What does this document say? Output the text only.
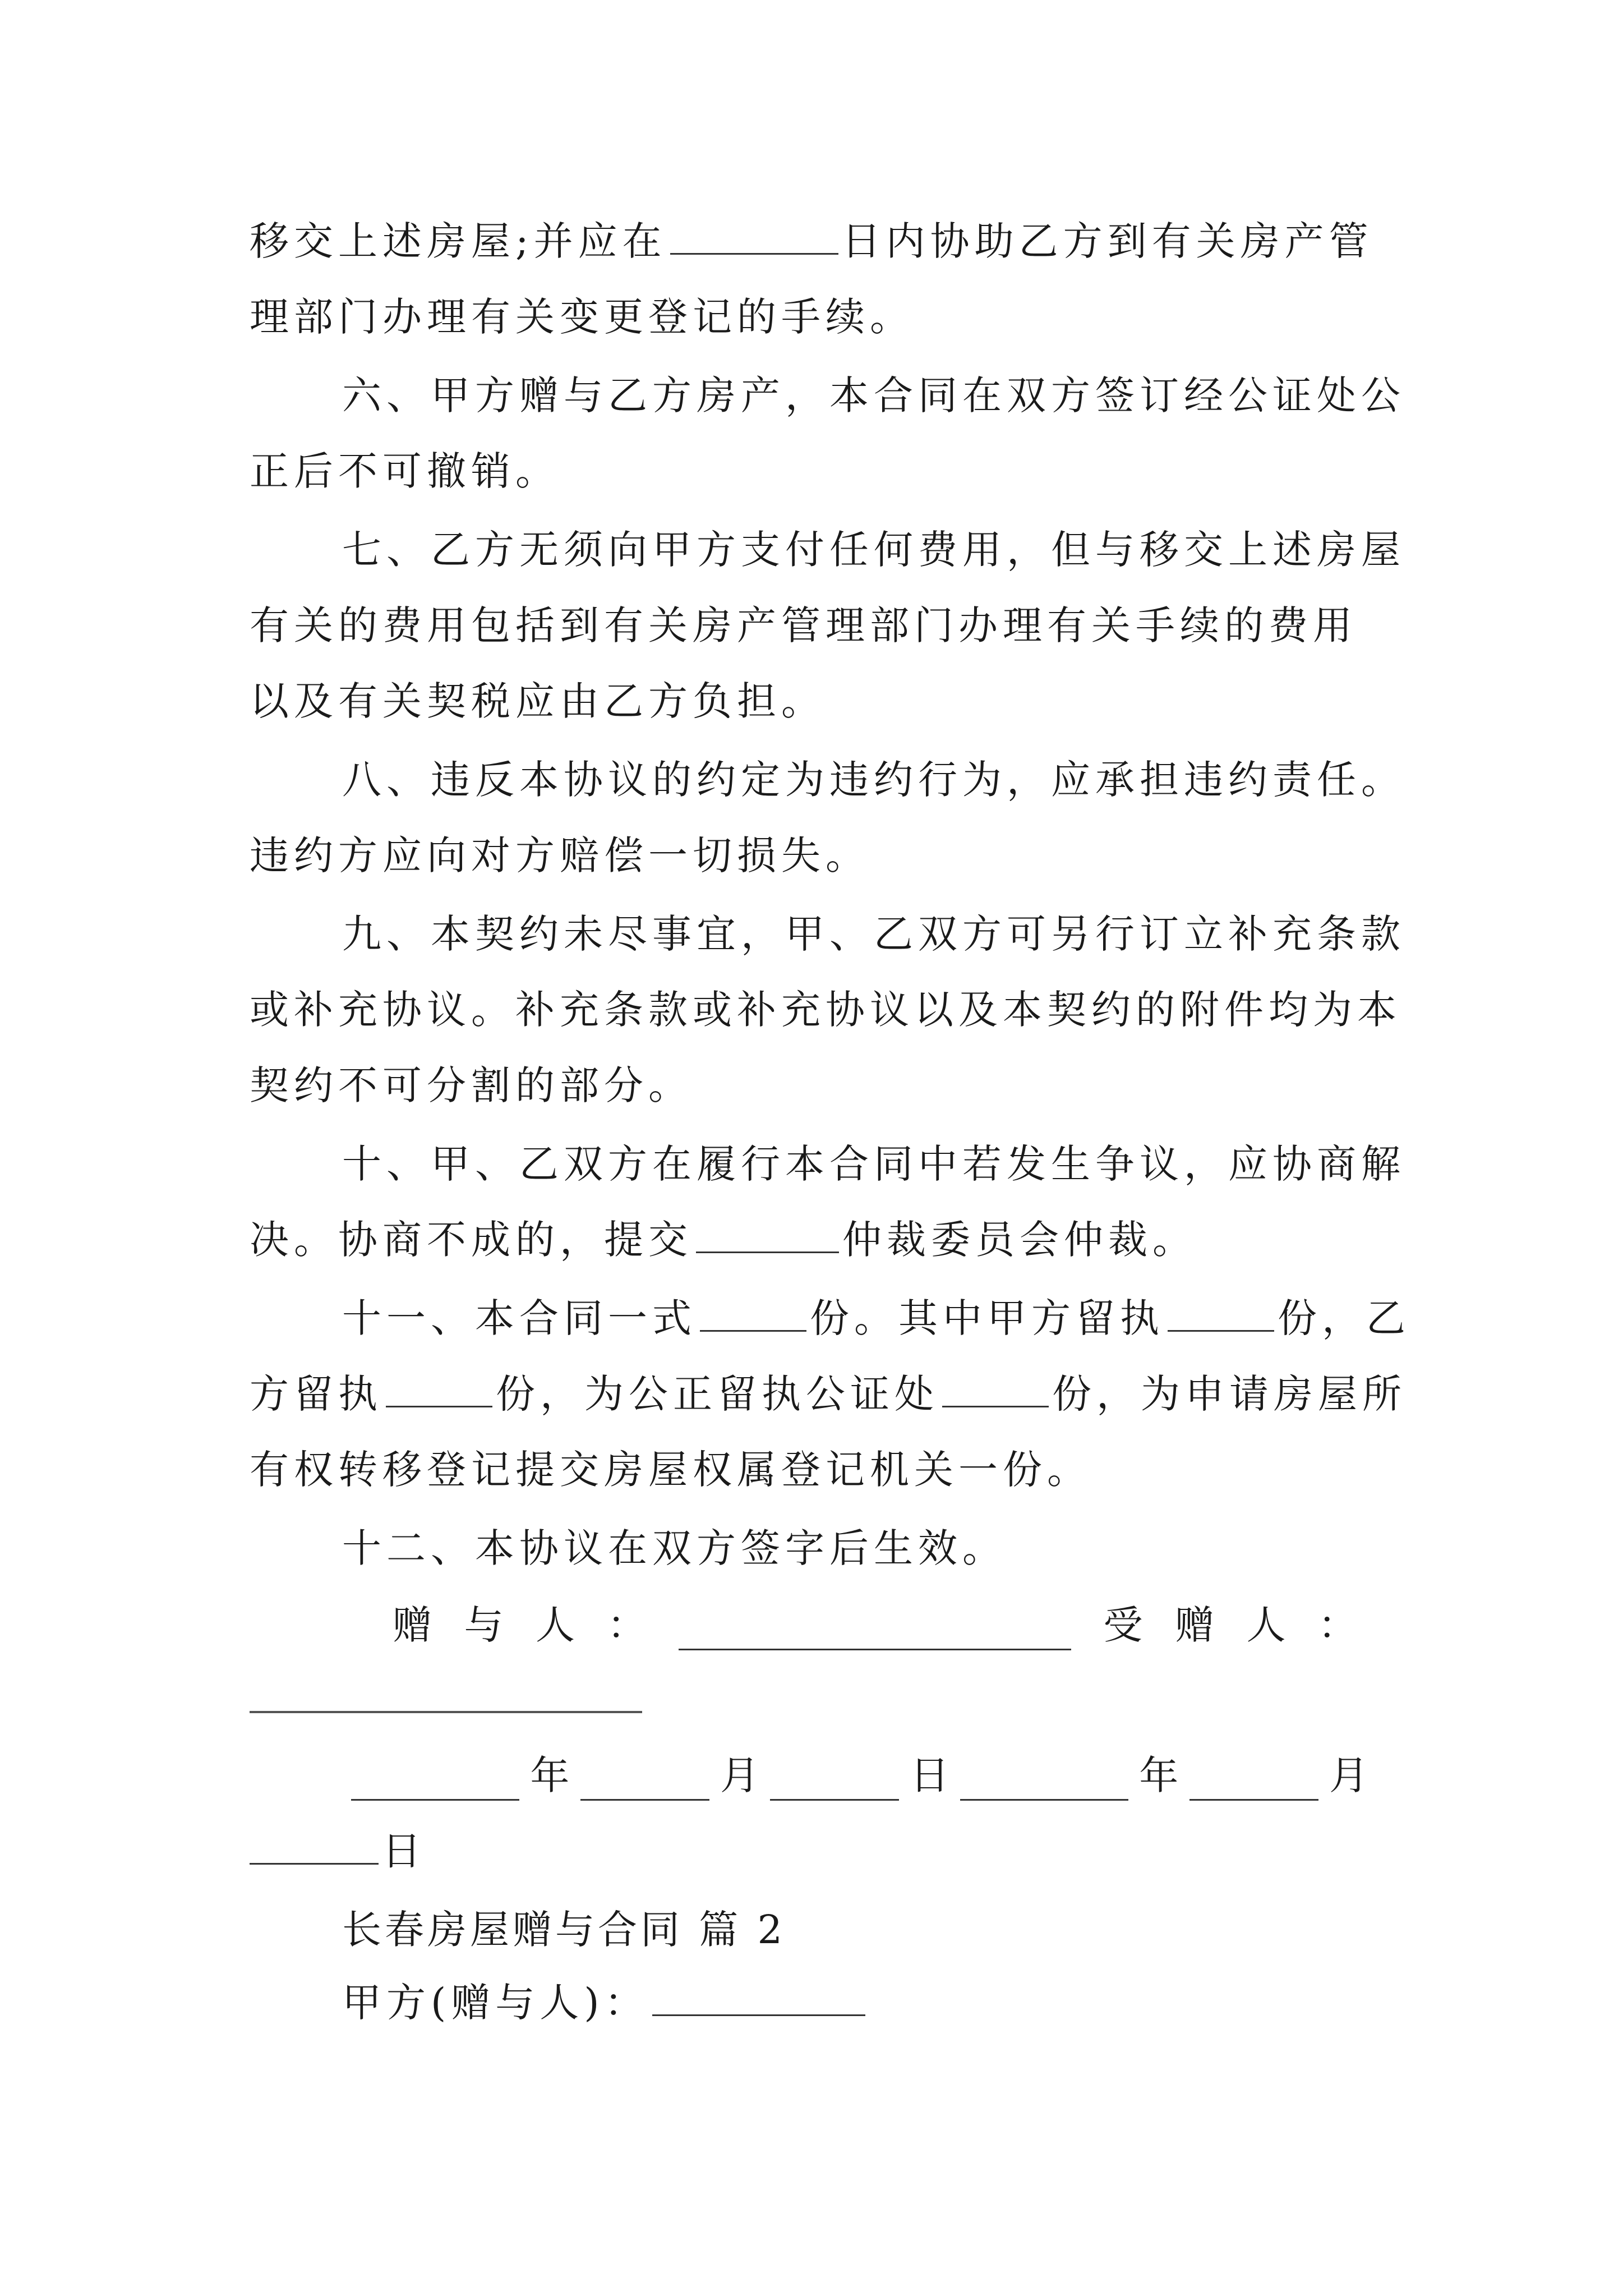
移交上述房屋;并应在	日内协助乙方到有关房产管
理部门办理有关变更登记的手续。
六、甲方赠与乙方房产，本合同在双方签订经公证处公
正后不可撤销。
七、乙方无须向甲方支付任何费用，但与移交上述房屋
有关的费用包括到有关房产管理部门办理有关手续的费用
以及有关契税应由乙方负担。
八、违反本协议的约定为违约行为，应承担违约责任。
违约方应向对方赔偿一切损失。
九、本契约未尽事宜，甲、乙双方可另行订立补充条款
或补充协议。补充条款或补充协议以及本契约的附件均为本
契约不可分割的部分。
十、甲、乙双方在履行本合同中若发生争议，应协商解
决。协商不成的，提交	仲裁委员会仲裁。
十一、本合同一式	份。其中甲方留执	份，乙
方留执	份，为公正留执公证处	份，为申请房屋所
有权转移登记提交房屋权属登记机关一份。
十二、本协议在双方签字后生效。
赠 与 人 ：	受 赠 人 ：
年	月	日	年	月
日
长春房屋赠与合同 篇 2
甲方(赠与人)：
